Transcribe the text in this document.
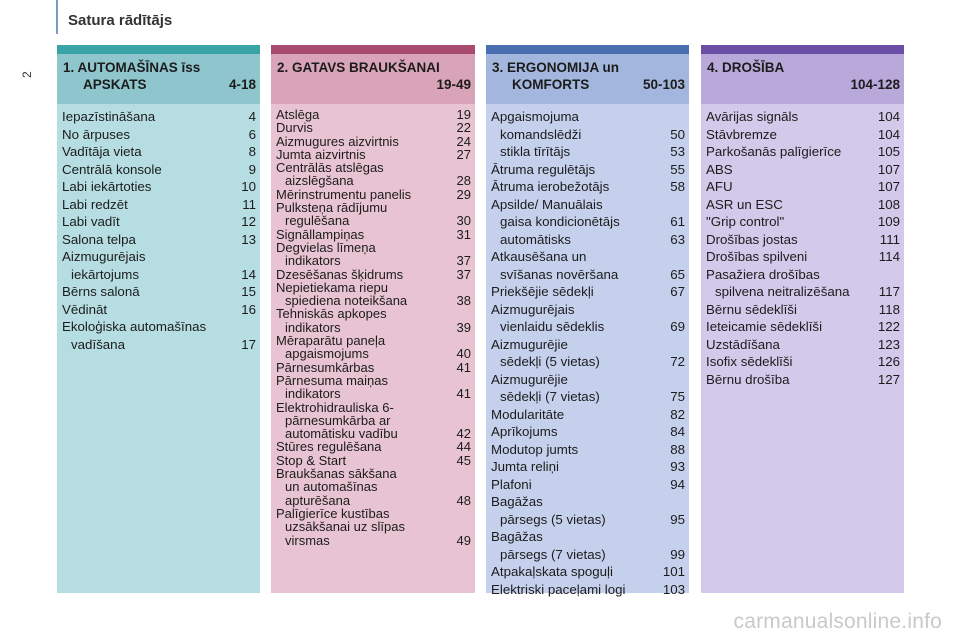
Satura rādītājs
2 1. AUTOMAŠĪNAS īss
APSKATS	4-18
Iepazīstināšana	4
No ārpuses	6
Vadītāja vieta	8
Centrālā konsole	9
Labi iekārtoties	10
Labi redzēt	11
Labi vadīt	12
Salona telpa	13
Aizmugurējais
iekārtojums	14
Bērns salonā	15
Vēdināt	16
Ekoloģiska automašīnas
vadīšana	17
2. GATAVS BRAUKŠANAI
19-49
Atslēga	19
Durvis	22
Aizmugures aizvirtnis	24
Jumta aizvirtnis	27
Centrālās atslēgas
aizslēgšana	28
Mērinstrumentu panelis	29
Pulksteņa rādījumu
regulēšana	30
Signāllampiņas	31
Degvielas līmeņa
indikators	37
Dzesēšanas šķidrums	37
Nepietiekama riepu
spiediena noteikšana	38
Tehniskās apkopes
indikators	39
Mēraparātu paneļa
apgaismojums	40
Pārnesumkārbas	41
Pārnesuma maiņas
indikators	41
Elektrohidrauliska 6-
pārnesumkārba ar
automātisku vadību	42
Stūres regulēšana	44
Stop & Start	45
Braukšanas sākšana
un automašīnas
apturēšana	48
Palīgierīce kustības
uzsākšanai uz slīpas
virsmas	49
3. ERGONOMIJA un
KOMFORTS	50-103
Apgaismojuma
komandslēdži	50
stikla tīrītājs	53
Ātruma regulētājs	55
Ātruma ierobežotājs	58
Apsilde/ Manuālais
gaisa kondicionētājs	61
automātisks	63
Atkausēšana un
svīšanas novēršana	65
Priekšējie sēdekļi	67
Aizmugurējais
vienlaidu sēdeklis	69
Aizmugurējie
sēdekļi (5 vietas)	72
Aizmugurējie
sēdekļi (7 vietas)	75
Modularitāte	82
Aprīkojums	84
Modutop jumts	88
Jumta reliņi	93
Plafoni	94
Bagāžas
pārsegs (5 vietas)	95
Bagāžas
pārsegs (7 vietas)	99
Atpakaļskata spoguļi	101
Elektriski paceļami logi	103
4. DROŠĪBA
104-128
Avārijas signāls	104
Stāvbremze	104
Parkošanās palīgierīce	105
ABS	107
AFU	107
ASR un ESC	108
"Grip control"	109
Drošības jostas	111
Drošības spilveni	114
Pasažiera drošības
spilvena neitralizēšana 117
Bērnu sēdeklīši	118
Ieteicamie sēdeklīši	122
Uzstādīšana	123
Isofix sēdeklīši	126
Bērnu drošība	127
carmanualsonline.info
